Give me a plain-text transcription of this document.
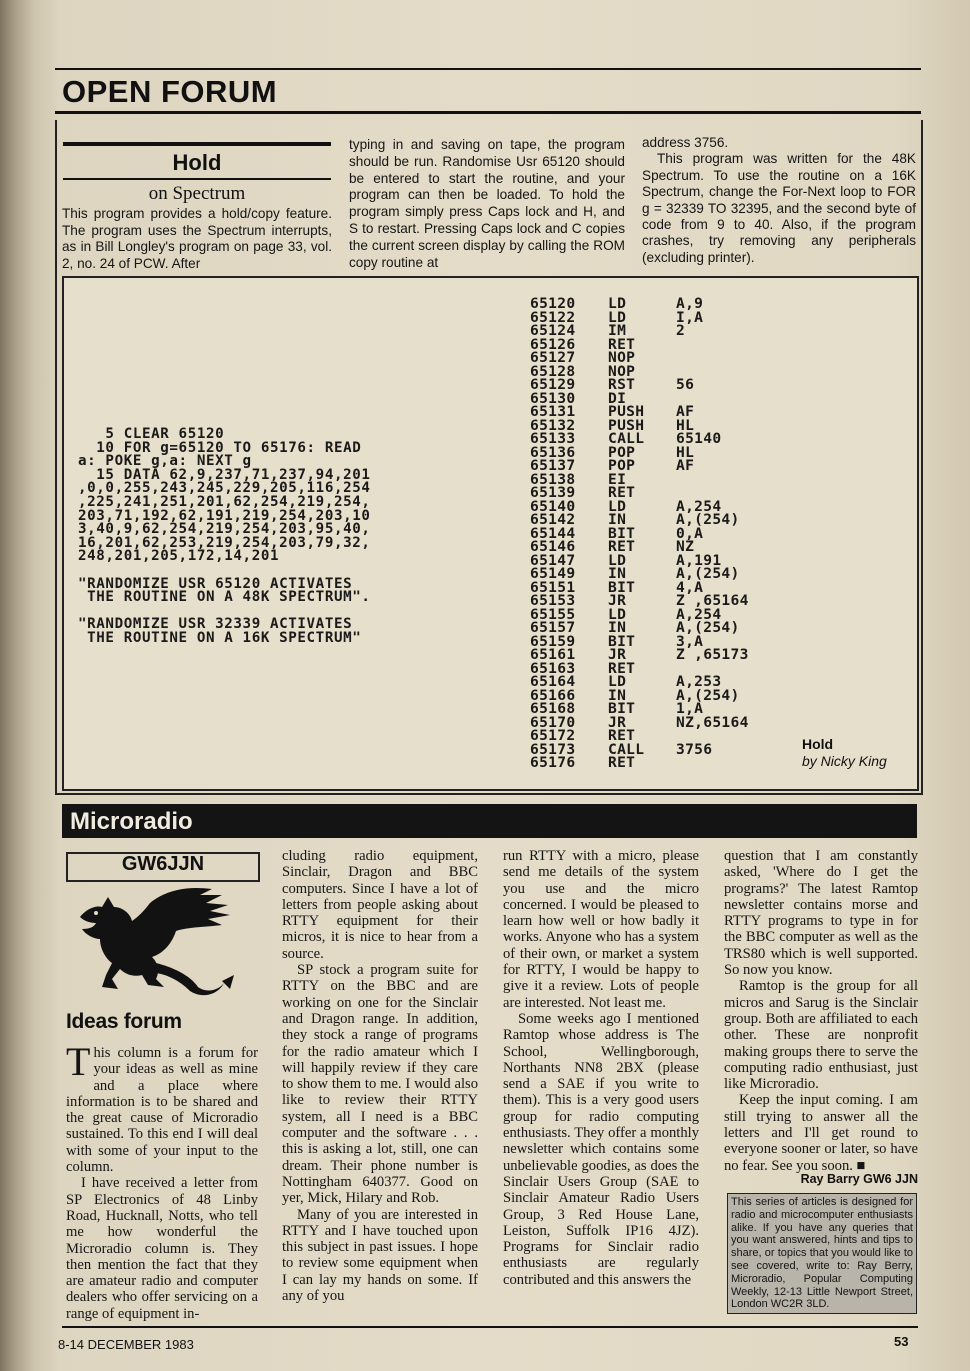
OPEN FORUM
Hold
on Spectrum
This program provides a hold/copy feature. The program uses the Spectrum interrupts, as in Bill Longley's program on page 33, vol. 2, no. 24 of PCW. After
typing in and saving on tape, the program should be run. Randomise Usr 65120 should be entered to start the routine, and your program can then be loaded. To hold the program simply press Caps lock and H, and S to restart. Pressing Caps lock and C copies the current screen display by calling the ROM copy routine at

address 3756.

This program was written for the 48K Spectrum. To use the routine on a 16K Spectrum, change the For-Next loop to FOR g = 32339 TO 32395, and the second byte of code from 9 to 40. Also, if the program crashes, try removing any peripherals (excluding printer).

5 CLEAR 65120
10 FOR g=65120 TO 65176: READ
a: POKE g,a: NEXT g
15 DATA 62,9,237,71,237,94,201
,0,0,255,243,245,229,205,116,254
,225,241,251,201,62,254,219,254,
203,71,192,62,191,219,254,203,10
3,40,9,62,254,219,254,203,95,40,
16,201,62,253,219,254,203,79,32,
248,201,205,172,14,201

"RANDOMIZE USR 65120 ACTIVATES
THE ROUTINE ON A 48K SPECTRUM".

"RANDOMIZE USR 32339 ACTIVATES
THE ROUTINE ON A 16K SPECTRUM"
65120	LD	A,9
65122	LD	I,A
65124	IM	2
65126	RET
65127	NOP
65128	NOP
65129	RST	56
65130	DI
65131	PUSH	AF
65132	PUSH	HL
65133	CALL	65140
65136	POP	HL
65137	POP	AF
65138	EI
65139	RET
65140	LD	A,254
65142	IN	A,(254)
65144	BIT	0,A
65146	RET	NZ
65147	LD	A,191
65149	IN	A,(254)
65151	BIT	4,A
65153	JR	Z ,65164
65155	LD	A,254
65157	IN	A,(254)
65159	BIT	3,A
65161	JR	Z ,65173
65163	RET
65164	LD	A,253
65166	IN	A,(254)
65168	BIT	1,A
65170	JR	NZ,65164
65172	RET
65173	CALL	3756
65176	RET
Hold
by Nicky King
Microradio
GW6JJN
Ideas forum

This column is a forum for your ideas as well as mine and a place where information is to be shared and the great cause of Microradio sustained. To this end I will deal with some of your input to the column.

I have received a letter from SP Electronics of 48 Linby Road, Hucknall, Notts, who tell me how wonderful the Microradio column is. They then mention the fact that they are amateur radio and computer dealers who offer servicing on a range of equipment in-

cluding radio equipment, Sinclair, Dragon and BBC computers. Since I have a lot of letters from people asking about RTTY equipment for their micros, it is nice to hear from a source.

SP stock a program suite for RTTY on the BBC and are working on one for the Sinclair and Dragon range. In addition, they stock a range of programs for the radio amateur which I will happily review if they care to show them to me. I would also like to review their RTTY system, all I need is a BBC computer and the software . . . this is asking a lot, still, one can dream. Their phone number is Nottingham 640377. Good on yer, Mick, Hilary and Rob.

Many of you are interested in RTTY and I have touched upon this subject in past issues. I hope to review some equipment when I can lay my hands on some. If any of you

run RTTY with a micro, please send me details of the system you use and the micro concerned. I would be pleased to learn how well or how badly it works. Anyone who has a system of their own, or market a system for RTTY, I would be happy to give it a review. Lots of people are interested. Not least me.

Some weeks ago I mentioned Ramtop whose address is The School, Wellingborough, Northants NN8 2BX (please send a SAE if you write to them). This is a very good users group for radio computing enthusiasts. They offer a monthly newsletter which contains some unbelievable goodies, as does the Sinclair Users Group (SAE to Sinclair Amateur Radio Users Group, 3 Red House Lane, Leiston, Suffolk IP16 4JZ). Programs for Sinclair radio enthusiasts are regularly contributed and this answers the

question that I am constantly asked, 'Where do I get the programs?' The latest Ramtop newsletter contains morse and RTTY programs to type in for the BBC computer as well as the TRS80 which is well supported. So now you know.

Ramtop is the group for all micros and Sarug is the Sinclair group. Both are affiliated to each other. These are nonprofit making groups there to serve the computing radio enthusiast, just like Microradio.

Keep the input coming. I am still trying to answer all the letters and I'll get round to everyone sooner or later, so have no fear. See you soon. ■

Ray Barry GW6 JJN
This series of articles is designed for radio and microcomputer enthusiasts alike. If you have any queries that you want answered, hints and tips to share, or topics that you would like to see covered, write to: Ray Berry, Microradio, Popular Computing Weekly, 12-13 Little Newport Street, London WC2R 3LD.
8-14 DECEMBER 1983	53
